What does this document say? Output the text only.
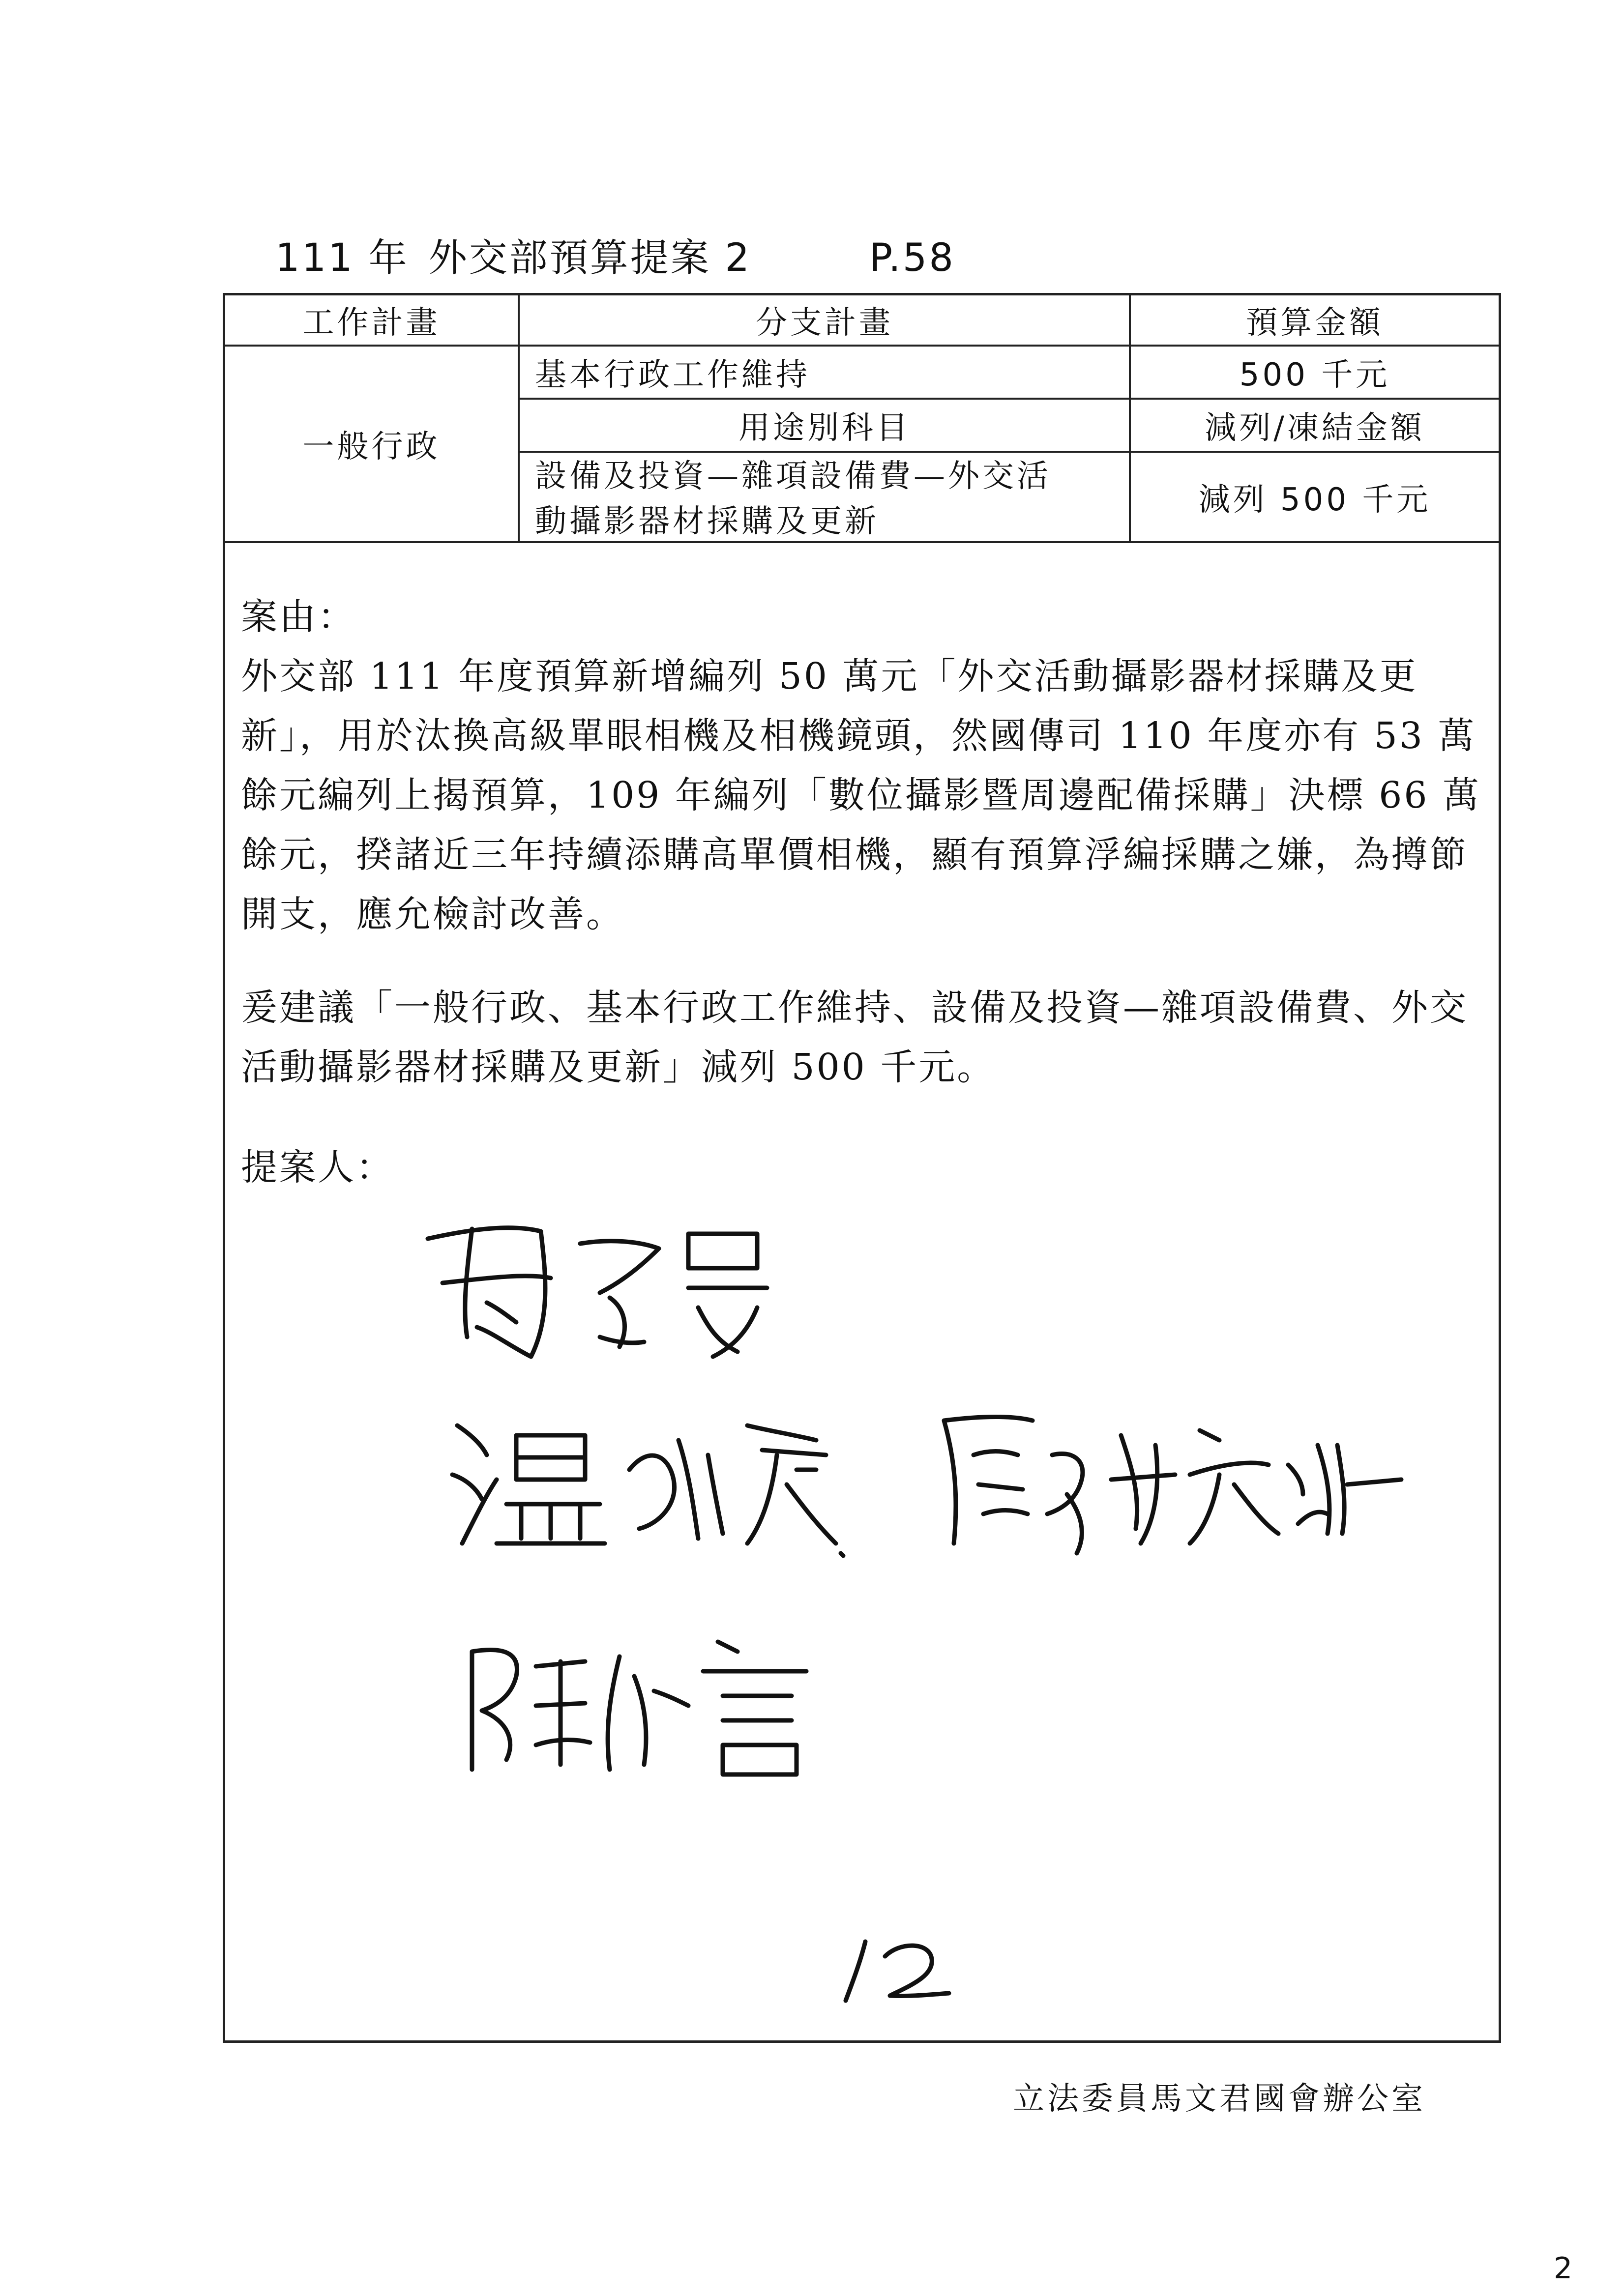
111 年 外交部預算提案 2	P.58
工作計畫	分支計畫	預算金額
一般行政
基本行政工作維持	500 千元
用途別科目	減列/凍結金額
設備及投資—雜項設備費—外交活
動攝影器材採購及更新
減列 500 千元

案由：

外交部 111 年度預算新增編列 50 萬元「外交活動攝影器材採購及更新」，用於汰換高級單眼相機及相機鏡頭，然國傳司 110 年度亦有 53 萬餘元編列上揭預算，109 年編列「數位攝影暨周邊配備採購」決標 66 萬餘元，揆諸近三年持續添購高單價相機，顯有預算浮編採購之嫌，為撙節開支，應允檢討改善。

爰建議「一般行政、基本行政工作維持、設備及投資—雜項設備費、外交活動攝影器材採購及更新」減列 500 千元。
提案人：
立法委員馬文君國會辦公室
2
